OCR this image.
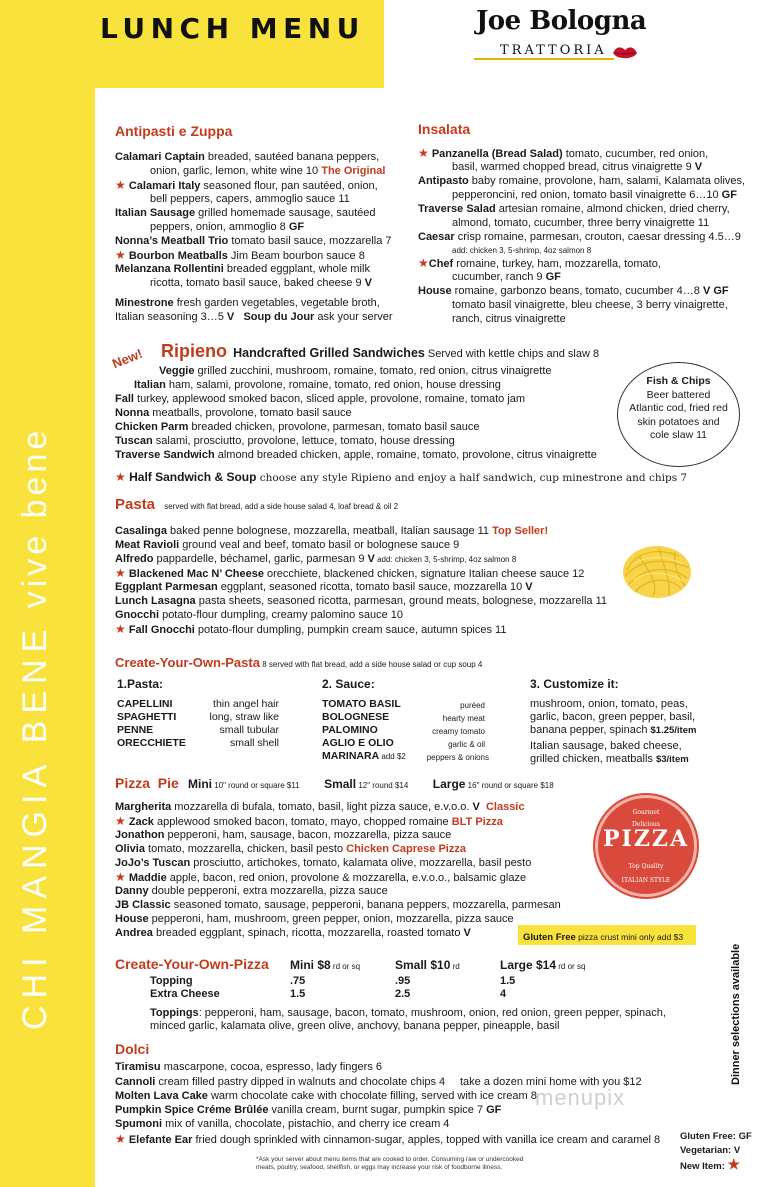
LUNCH MENU
CHI MANGIA BENE vive bene
Joe Bologna
TRATTORIA
Antipasti e Zuppa
Calamari Captain breaded, sautéed banana peppers,
onion, garlic, lemon, white wine 10 The Original
★ Calamari Italy seasoned flour, pan sautéed, onion,
bell peppers, capers, ammoglio sauce 11
Italian Sausage grilled homemade sausage, sautéed
peppers, onion, ammoglio 8 GF
Nonna’s Meatball Trio tomato basil sauce, mozzarella 7
★ Bourbon Meatballs Jim Beam bourbon sauce 8
Melanzana Rollentini breaded eggplant, whole milk
ricotta, tomato basil sauce, baked cheese 9 V
Minestrone fresh garden vegetables, vegetable broth,
Italian seasoning 3…5 V Soup du Jour ask your server
Insalata
★ Panzanella (Bread Salad) tomato, cucumber, red onion,
basil, warmed chopped bread, citrus vinaigrette 9 V
Antipasto baby romaine, provolone, ham, salami, Kalamata olives,
pepperoncini, red onion, tomato basil vinaigrette 6…10 GF
Traverse Salad artesian romaine, almond chicken, dried cherry,
almond, tomato, cucumber, three berry vinaigrette 11
Caesar crisp romaine, parmesan, crouton, caesar dressing 4.5…9
add: chicken 3, 5-shrimp, 4oz salmon 8
★Chef romaine, turkey, ham, mozzarella, tomato,
cucumber, ranch 9 GF
House romaine, garbonzo beans, tomato, cucumber 4…8 V GF
tomato basil vinaigrette, bleu cheese, 3 berry vinaigrette,
ranch, citrus vinaigrette
New! Ripieno Handcrafted Grilled Sandwiches Served with kettle chips and slaw 8
Veggie grilled zucchini, mushroom, romaine, tomato, red onion, citrus vinaigrette
Italian ham, salami, provolone, romaine, tomato, red onion, house dressing
Fall turkey, applewood smoked bacon, sliced apple, provolone, romaine, tomato jam
Nonna meatballs, provolone, tomato basil sauce
Chicken Parm breaded chicken, provolone, parmesan, tomato basil sauce
Tuscan salami, prosciutto, provolone, lettuce, tomato, house dressing
Traverse Sandwich almond breaded chicken, apple, romaine, tomato, provolone, citrus vinaigrette
★ Half Sandwich & Soup choose any style Ripieno and enjoy a half sandwich, cup minestrone and chips 7
Fish & Chips
Beer battered
Atlantic cod, fried red
skin potatoes and
cole slaw 11
Pasta served with flat bread, add a side house salad 4, loaf bread & oil 2
Casalinga baked penne bolognese, mozzarella, meatball, Italian sausage 11 Top Seller!
Meat Ravioli ground veal and beef, tomato basil or bolognese sauce 9
Alfredo pappardelle, béchamel, garlic, parmesan 9 V add: chicken 3, 5-shrimp, 4oz salmon 8
★ Blackened Mac N’ Cheese orecchiete, blackened chicken, signature Italian cheese sauce 12
Eggplant Parmesan eggplant, seasoned ricotta, tomato basil sauce, mozzarella 10 V
Lunch Lasagna pasta sheets, seasoned ricotta, parmesan, ground meats, bolognese, mozzarella 11
Gnocchi potato-flour dumpling, creamy palomino sauce 10
★ Fall Gnocchi potato-flour dumpling, pumpkin cream sauce, autumn spices 11
Create-Your-Own-Pasta 8 served with flat bread, add a side house salad or cup soup 4
1.Pasta:	2. Sauce:	3. Customize it:
CAPELLINI	thin angel hair
SPAGHETTI	long, straw like
PENNE	small tubular
ORECCHIETE	small shell
TOMATO BASIL	puréed
BOLOGNESE	hearty meat
PALOMINO	creamy tomato
AGLIO E OLIO	garlic & oil
MARINARA add $2	peppers & onions
mushroom, onion, tomato, peas,
garlic, bacon, green pepper, basil,
banana pepper, spinach $1.25/item
Italian sausage, baked cheese,
grilled chicken, meatballs $3/item
Pizza  Pie Mini 10" round or square $11 Small 12" round $14 Large 16" round or square $18
Margherita mozzarella di bufala, tomato, basil, light pizza sauce, e.v.o.o. V Classic
★ Zack applewood smoked bacon, tomato, mayo, chopped romaine BLT Pizza
Jonathon pepperoni, ham, sausage, bacon, mozzarella, pizza sauce
Olivia tomato, mozzarella, chicken, basil pesto Chicken Caprese Pizza
JoJo’s Tuscan prosciutto, artichokes, tomato, kalamata olive, mozzarella, basil pesto
★ Maddie apple, bacon, red onion, provolone & mozzarella, e.v.o.o., balsamic glaze
Danny double pepperoni, extra mozzarella, pizza sauce
JB Classic seasoned tomato, sausage, pepperoni, banana peppers, mozzarella, parmesan
House pepperoni, ham, mushroom, green pepper, onion, mozzarella, pizza sauce
Andrea breaded eggplant, spinach, ricotta, mozzarella, roasted tomato V
Gourmet
Delicious
PIZZA
Top Quality
ITALIAN STYLE
Gluten Free pizza crust mini only add $3
Create-Your-Own-Pizza Mini $8 rd or sq	Small $10 rd	Large $14 rd or sq
Topping	.75	.95	1.5
Extra Cheese	1.5	2.5	4
Toppings: pepperoni, ham, sausage, bacon, tomato, mushroom, onion, red onion, green pepper, spinach,
minced garlic, kalamata olive, green olive, anchovy, banana pepper, pineapple, basil
Dolci
Tiramisu mascarpone, cocoa, espresso, lady fingers 6
Cannoli cream filled pastry dipped in walnuts and chocolate chips 4 take a dozen mini home with you $12
Molten Lava Cake warm chocolate cake with chocolate filling, served with ice cream 8
Pumpkin Spice Créme Brûlée vanilla cream, burnt sugar, pumpkin spice 7 GF
Spumoni mix of vanilla, chocolate, pistachio, and cherry ice cream 4
★ Elefante Ear fried dough sprinkled with cinnamon-sugar, apples, topped with vanilla ice cream and caramel 8
menupix
Dinner selections available
Gluten Free: GF
Vegetarian: V
New Item: ★
*Ask your server about menu items that are cooked to order. Consuming raw or undercooked
meats, poultry, seafood, shellfish, or eggs may increase your risk of foodborne illness.
